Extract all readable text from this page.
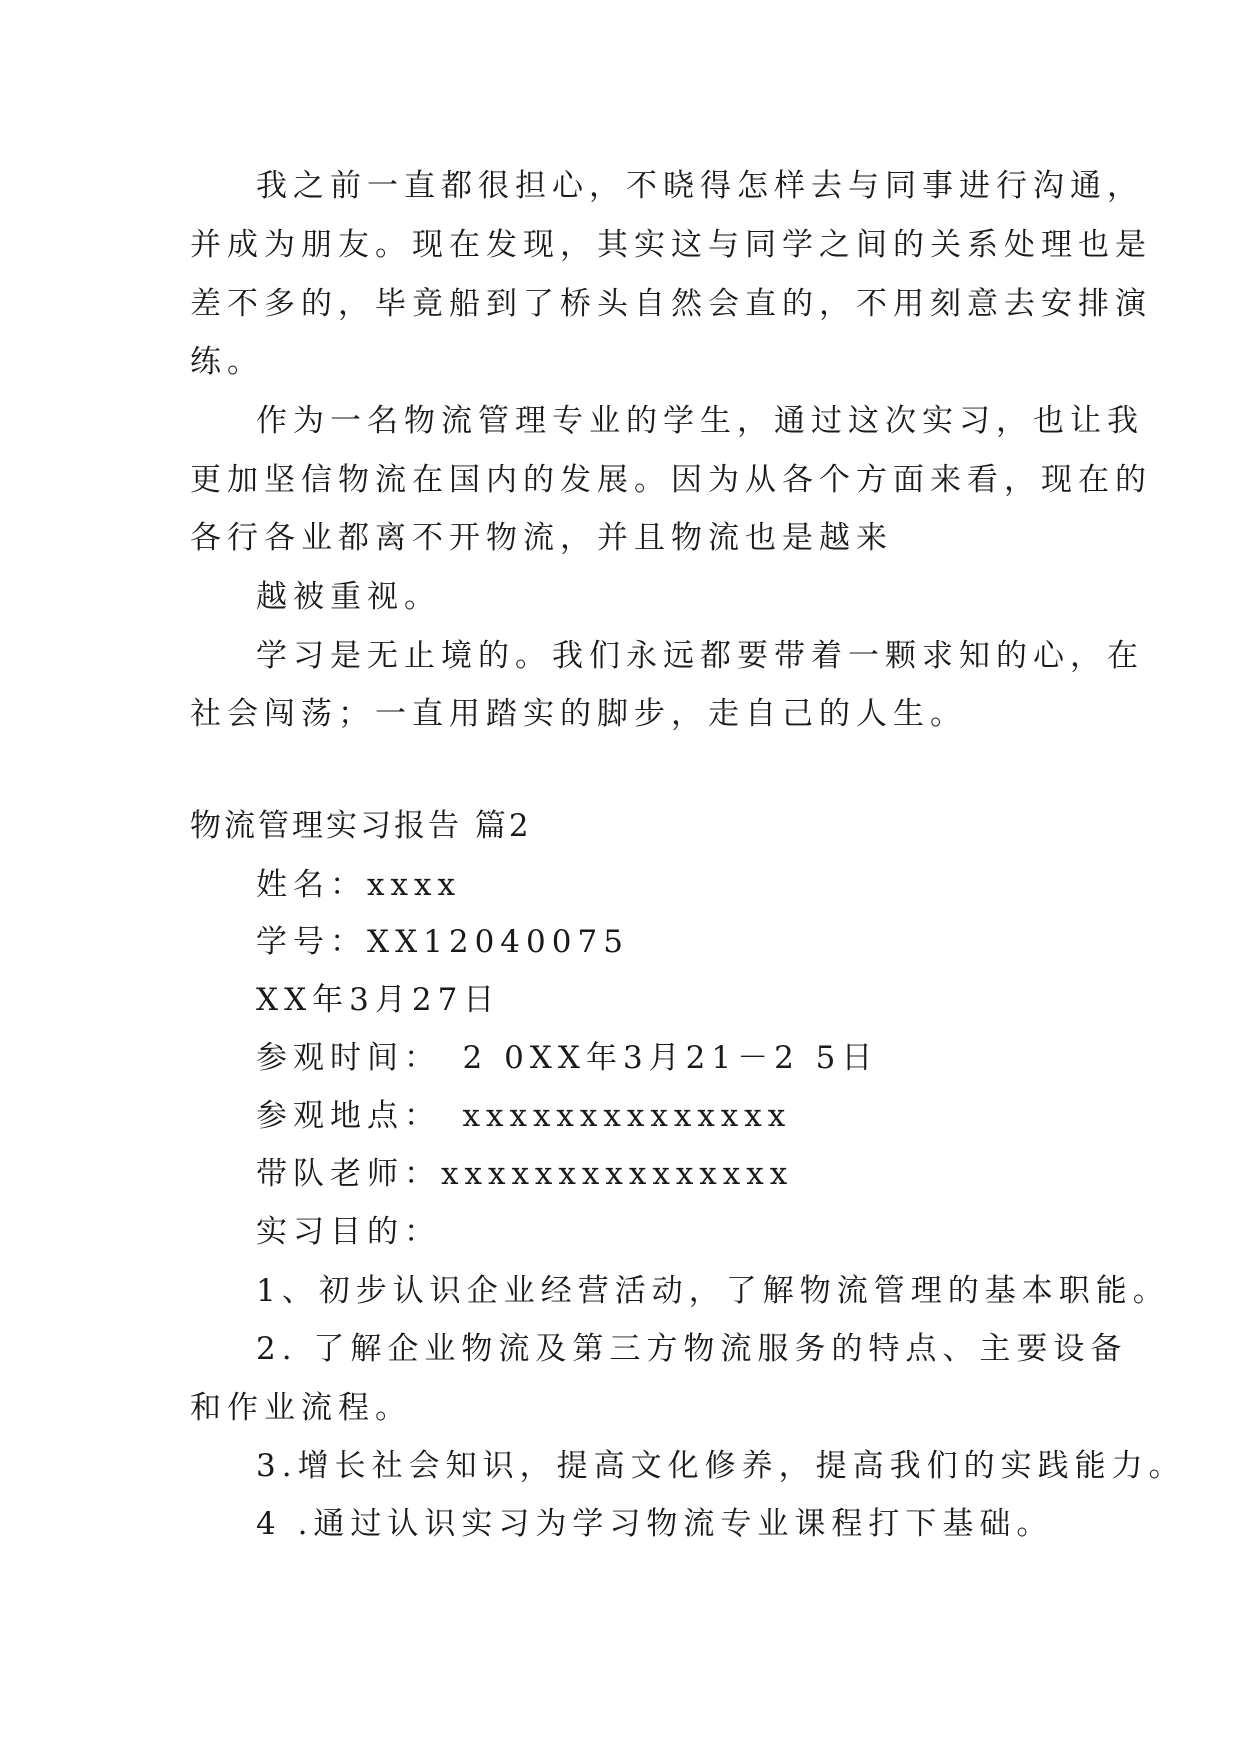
我之前一直都很担心，不晓得怎样去与同事进行沟通，
并成为朋友。现在发现，其实这与同学之间的关系处理也是
差不多的，毕竟船到了桥头自然会直的，不用刻意去安排演
练。
作为一名物流管理专业的学生，通过这次实习，也让我
更加坚信物流在国内的发展。因为从各个方面来看，现在的
各行各业都离不开物流，并且物流也是越来
越被重视。
学习是无止境的。我们永远都要带着一颗求知的心，在
社会闯荡；一直用踏实的脚步，走自己的人生。
物流管理实习报告 篇2
姓名：xxxx
学号：XX12040075
XX年3月27日
参观时间：　2 0XX年3月21－2 5日
参观地点：　xxxxxxxxxxxxxx
带队老师：xxxxxxxxxxxxxxx
实习目的：
1、初步认识企业经营活动，了解物流管理的基本职能。
2. 了解企业物流及第三方物流服务的特点、主要设备
和作业流程。
3.增长社会知识，提高文化修养，提高我们的实践能力。
4 .通过认识实习为学习物流专业课程打下基础。
